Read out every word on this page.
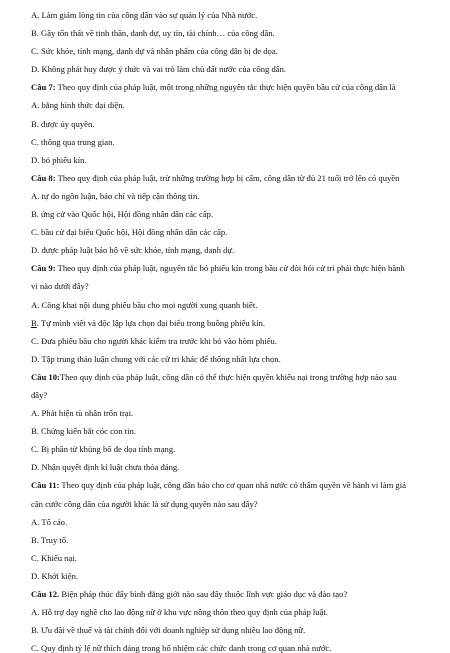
A. Làm giảm lòng tin của công dân vào sự quản lý của Nhà nước.
B. Gây tổn thất về tinh thần, danh dự, uy tín, tài chính… của công dân.
C. Sức khỏe, tính mạng, danh dự và nhân phẩm của công dân bị đe dọa.
D. Không phát huy được ý thức và vai trò làm chủ đất nước của công dân.
Câu 7: Theo quy định của pháp luật, một trong những nguyên tắc thực hiện quyền bầu cử của công dân là
A. bằng hình thức đại diện.
B. được ủy quyền.
C. thông qua trung gian.
D. bỏ phiếu kín.
Câu 8: Theo quy định của pháp luật, trừ những trường hợp bị cấm, công dân từ đủ 21 tuổi trở lên có quyền
A. tự do ngôn luận, báo chí và tiếp cận thông tin.
B. ứng cử vào Quốc hội, Hội đồng nhân dân các cấp.
C. bầu cử đại biểu Quốc hội, Hội đồng nhân dân các cấp.
D. được pháp luật bảo hộ về sức khỏe, tính mạng, danh dự.
Câu 9: Theo quy định của pháp luật, nguyên tắc bỏ phiếu kín trong bầu cử đòi hỏi cử tri phải thực hiện hành
vi nào dưới đây?
A. Công khai nội dung phiếu bầu cho mọi người xung quanh biết.
B. Tự mình viết và độc lập lựa chọn đại biểu trong buồng phiếu kín.
C. Đưa phiếu bầu cho người khác kiểm tra trước khi bỏ vào hòm phiếu.
D. Tập trung thảo luận chung với các cử tri khác để thống nhất lựa chọn.
Câu 10:Theo quy định của pháp luật, công dân có thể thực hiện quyền khiếu nại trong trường hợp nào sau
đây?
A. Phát hiện tù nhân trốn trại.
B. Chứng kiến bắt cóc con tin.
C. Bị phần tử khủng bố đe dọa tính mạng.
D. Nhận quyết định kỉ luật chưa thỏa đáng.
Câu 11: Theo quy định của pháp luật, công dân báo cho cơ quan nhà nước có thẩm quyền về hành vi làm giả
căn cước công dân của người khác là sử dụng quyền nào sau đây?
A. Tố cáo.
B. Truy tố.
C. Khiếu nại.
D. Khởi kiện.
Câu 12. Biện pháp thúc đẩy bình đẳng giới nào sau đây thuộc lĩnh vực giáo dục và đào tạo?
A. Hỗ trợ dạy nghề cho lao động nữ ở khu vực nông thôn theo quy định của pháp luật.
B. Ưu đãi về thuế và tài chính đối với doanh nghiệp sử dụng nhiều lao động nữ.
C. Quy định tỷ lệ nữ thích đáng trong bổ nhiệm các chức danh trong cơ quan nhà nước.
